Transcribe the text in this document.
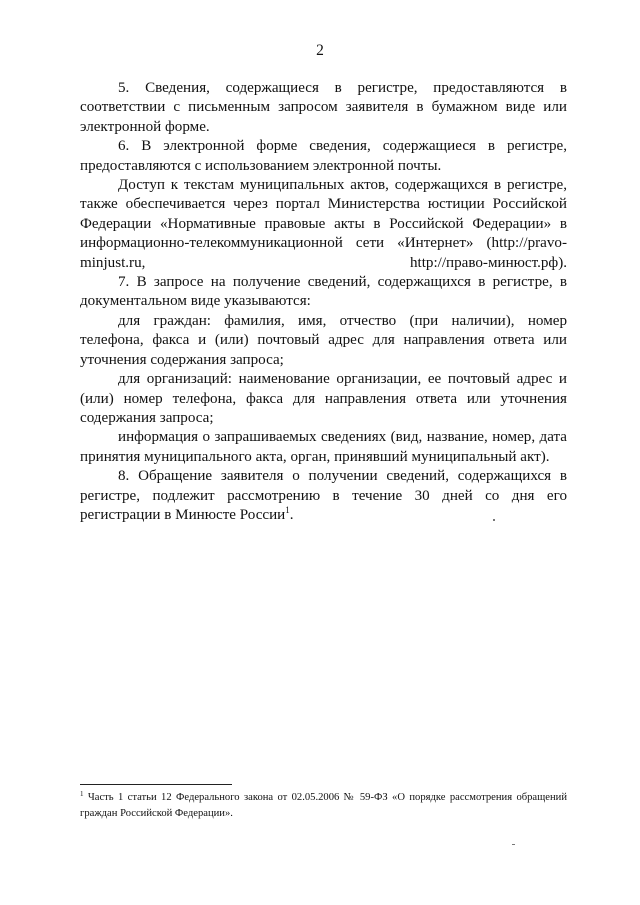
2

5. Сведения, содержащиеся в регистре, предоставляются в соответствии с письменным запросом заявителя в бумажном виде или электронной форме.

6. В электронной форме сведения, содержащиеся в регистре, предоставляются с использованием электронной почты.

Доступ к текстам муниципальных актов, содержащихся в регистре, также обеспечивается через портал Министерства юстиции Российской Федерации «Нормативные правовые акты в Российской Федерации» в информационно-телекоммуникационной сети «Интернет» (http://pravo-minjust.ru, http://право-минюст.рф).

7. В запросе на получение сведений, содержащихся в регистре, в документальном виде указываются:

для граждан: фамилия, имя, отчество (при наличии), номер телефона, факса и (или) почтовый адрес для направления ответа или уточнения содержания запроса;

для организаций: наименование организации, ее почтовый адрес и (или) номер телефона, факса для направления ответа или уточнения содержания запроса;

информация о запрашиваемых сведениях (вид, название, номер, дата принятия муниципального акта, орган, принявший муниципальный акт).

8. Обращение заявителя о получении сведений, содержащихся в регистре, подлежит рассмотрению в течение 30 дней со дня его регистрации в Минюсте России$^1$.

$^1$ Часть 1 статьи 12 Федерального закона от 02.05.2006 № 59-ФЗ «О порядке рассмотрения обращений граждан Российской Федерации».
